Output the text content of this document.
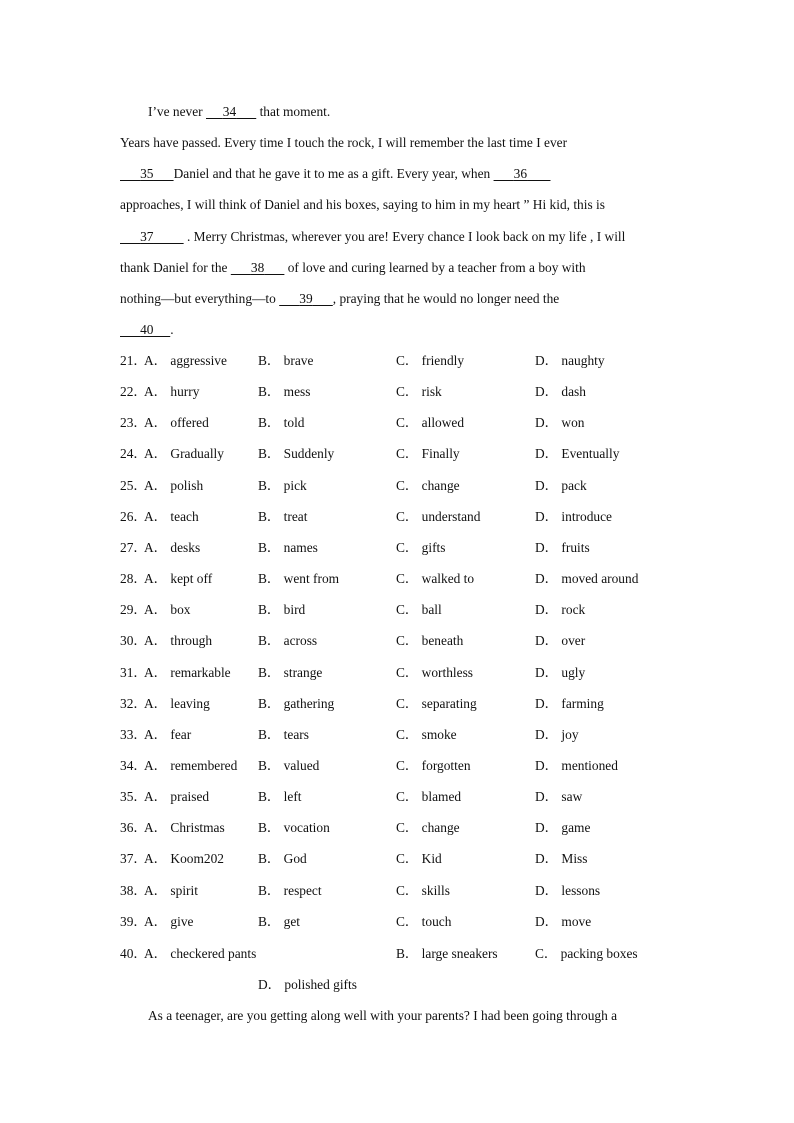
I’ve never      34       that moment.
Years have passed. Every time I touch the rock, I will remember the last time I ever
35 Daniel and that he gave it to me as a gift. Every year, when       36
approaches, I will think of Daniel and his boxes, saying to him in my heart ” Hi kid, this is
37          . Merry Christmas, wherever you are! Every chance I look back on my life , I will
thank Daniel for the       38       of love and curing learned by a teacher from a boy with
nothing—but everything—to       39 , praying that he would no longer need the
40 .
21．
A． aggressive B． brave	C． friendly	D． naughty
22．
A． hurry	B． mess	C． risk	D． dash
23．
A． offered	B． told	C． allowed	D． won
24．
A． Gradually	B． Suddenly	C． Finally	D． Eventually
25．
A． polish	B． pick	C． change	D． pack
26．
A． teach	B． treat	C． understand	D． introduce
27．
A． desks	B． names	C． gifts	D． fruits
28．
A． kept off	B． went from	C． walked to	D． moved around
29．
A． box	B． bird	C． ball	D． rock
30．
A． through	B． across	C． beneath	D． over
31．
A． remarkable B． strange	C． worthless	D． ugly
32．
A． leaving	B． gathering	C． separating	D． farming
33．
A． fear	B． tears	C． smoke	D． joy
34．
A． remembered B． valued	C． forgotten	D． mentioned
35．
A． praised	B． left	C． blamed	D． saw
36．
A． Christmas B． vocation	C． change	D． game
37．
A． Koom202	B． God	C． Kid	D． Miss
38．
A． spirit	B． respect	C． skills	D． lessons
39．
A． give	B． get	C． touch	D． move
40．
A． checkered pants	B． large sneakers	C． packing boxes
D． polished gifts
As a teenager, are you getting along well with your parents? I had been going through a
